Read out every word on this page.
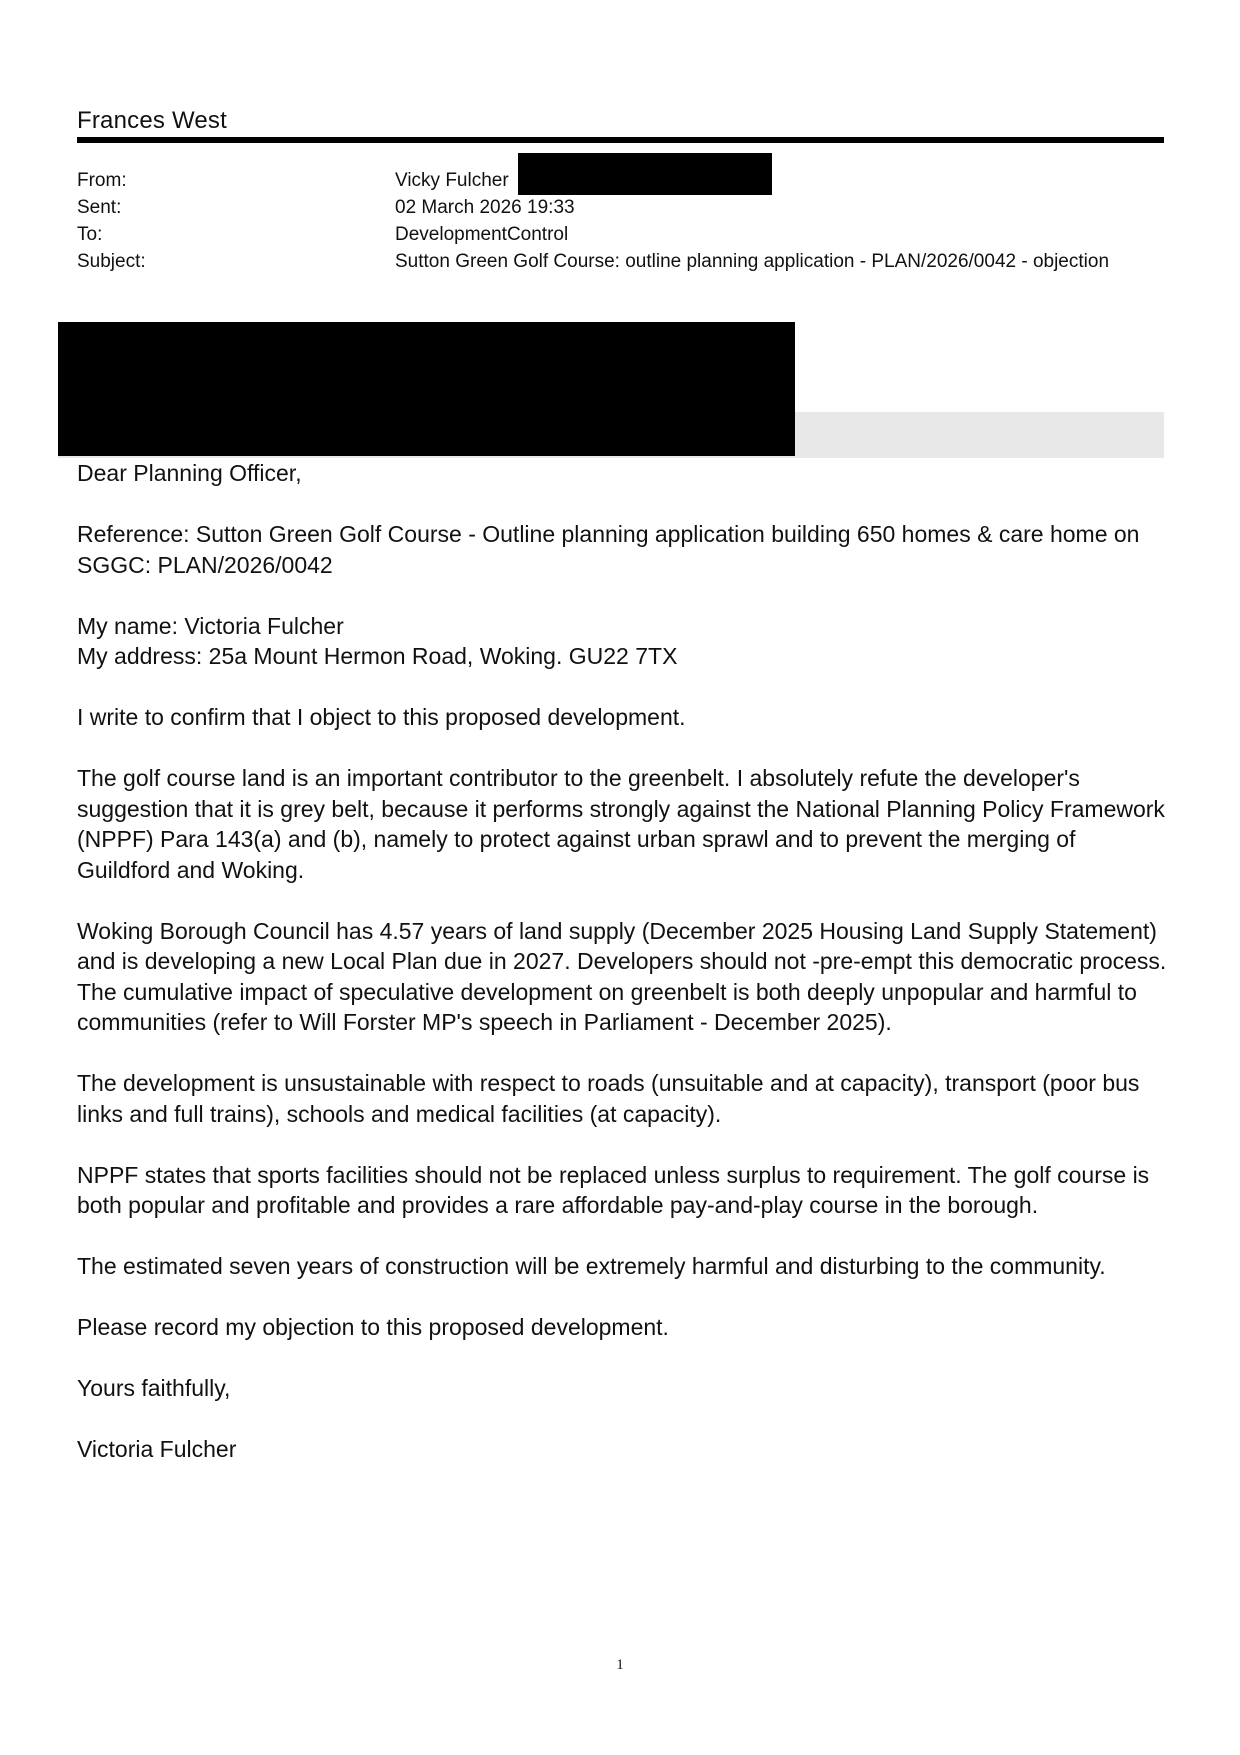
Frances West
From:	Vicky Fulcher
Sent:	02 March 2026 19:33
To:	DevelopmentControl
Subject:	Sutton Green Golf Course: outline planning application - PLAN/2026/0042 - objection

Dear Planning Officer,

Reference: Sutton Green Golf Course - Outline planning application building 650 homes & care home on SGGC: PLAN/2026/0042

My name: Victoria Fulcher
My address: 25a Mount Hermon Road, Woking. GU22 7TX

I write to confirm that I object to this proposed development.

The golf course land is an important contributor to the greenbelt. I absolutely refute the developer's suggestion that it is grey belt, because it performs strongly against the National Planning Policy Framework (NPPF) Para 143(a) and (b), namely to protect against urban sprawl and to prevent the merging of Guildford and Woking.

Woking Borough Council has 4.57 years of land supply (December 2025 Housing Land Supply Statement) and is developing a new Local Plan due in 2027. Developers should not -pre-empt this democratic process. The cumulative impact of speculative development on greenbelt is both deeply unpopular and harmful to communities (refer to Will Forster MP's speech in Parliament - December 2025).

The development is unsustainable with respect to roads (unsuitable and at capacity), transport (poor bus links and full trains), schools and medical facilities (at capacity).

NPPF states that sports facilities should not be replaced unless surplus to requirement. The golf course is both popular and profitable and provides a rare affordable pay-and-play course in the borough.

The estimated seven years of construction will be extremely harmful and disturbing to the community.

Please record my objection to this proposed development.

Yours faithfully,

Victoria Fulcher

1
